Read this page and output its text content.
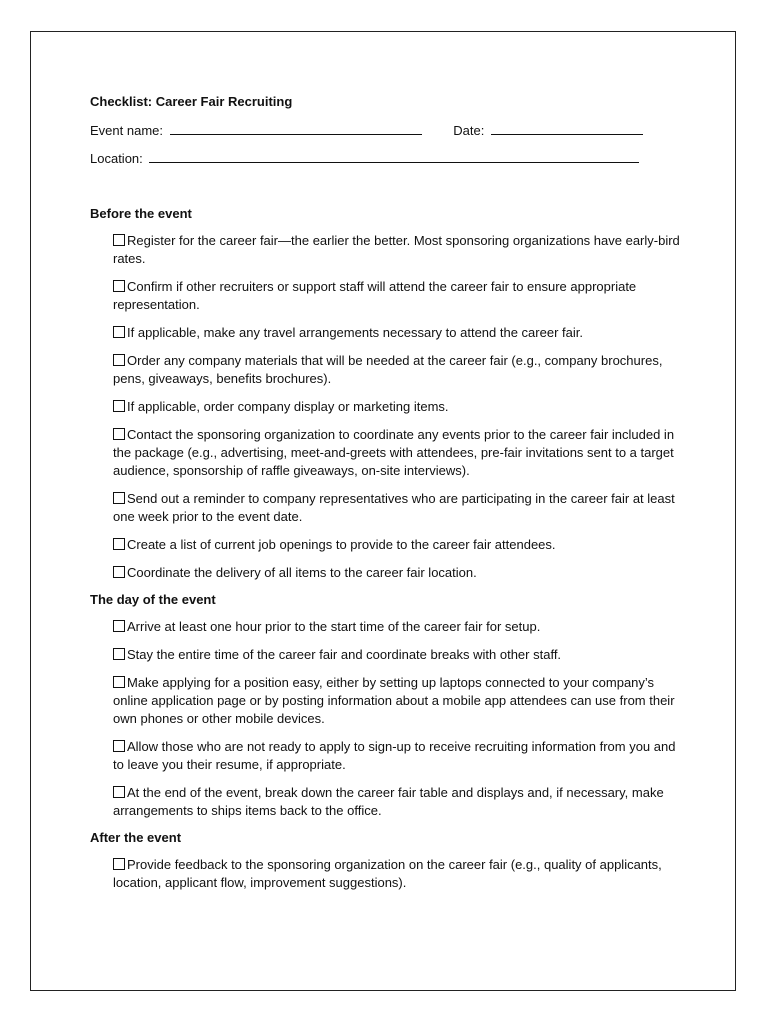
Checklist: Career Fair Recruiting

Event name:	Date:
Location:

Before the event

Register for the career fair—the earlier the better. Most sponsoring organizations have early-bird rates.
Confirm if other recruiters or support staff will attend the career fair to ensure appropriate representation.
If applicable, make any travel arrangements necessary to attend the career fair.
Order any company materials that will be needed at the career fair (e.g., company brochures, pens, giveaways, benefits brochures).
If applicable, order company display or marketing items.
Contact the sponsoring organization to coordinate any events prior to the career fair included in the package (e.g., advertising, meet-and-greets with attendees, pre-fair invitations sent to a target audience, sponsorship of raffle giveaways, on-site interviews).
Send out a reminder to company representatives who are participating in the career fair at least one week prior to the event date.
Create a list of current job openings to provide to the career fair attendees.
Coordinate the delivery of all items to the career fair location.

The day of the event

Arrive at least one hour prior to the start time of the career fair for setup.
Stay the entire time of the career fair and coordinate breaks with other staff.
Make applying for a position easy, either by setting up laptops connected to your company’s online application page or by posting information about a mobile app attendees can use from their own phones or other mobile devices.
Allow those who are not ready to apply to sign-up to receive recruiting information from you and to leave you their resume, if appropriate.
At the end of the event, break down the career fair table and displays and, if necessary, make arrangements to ships items back to the office.

After the event

Provide feedback to the sponsoring organization on the career fair (e.g., quality of applicants, location, applicant flow, improvement suggestions).
